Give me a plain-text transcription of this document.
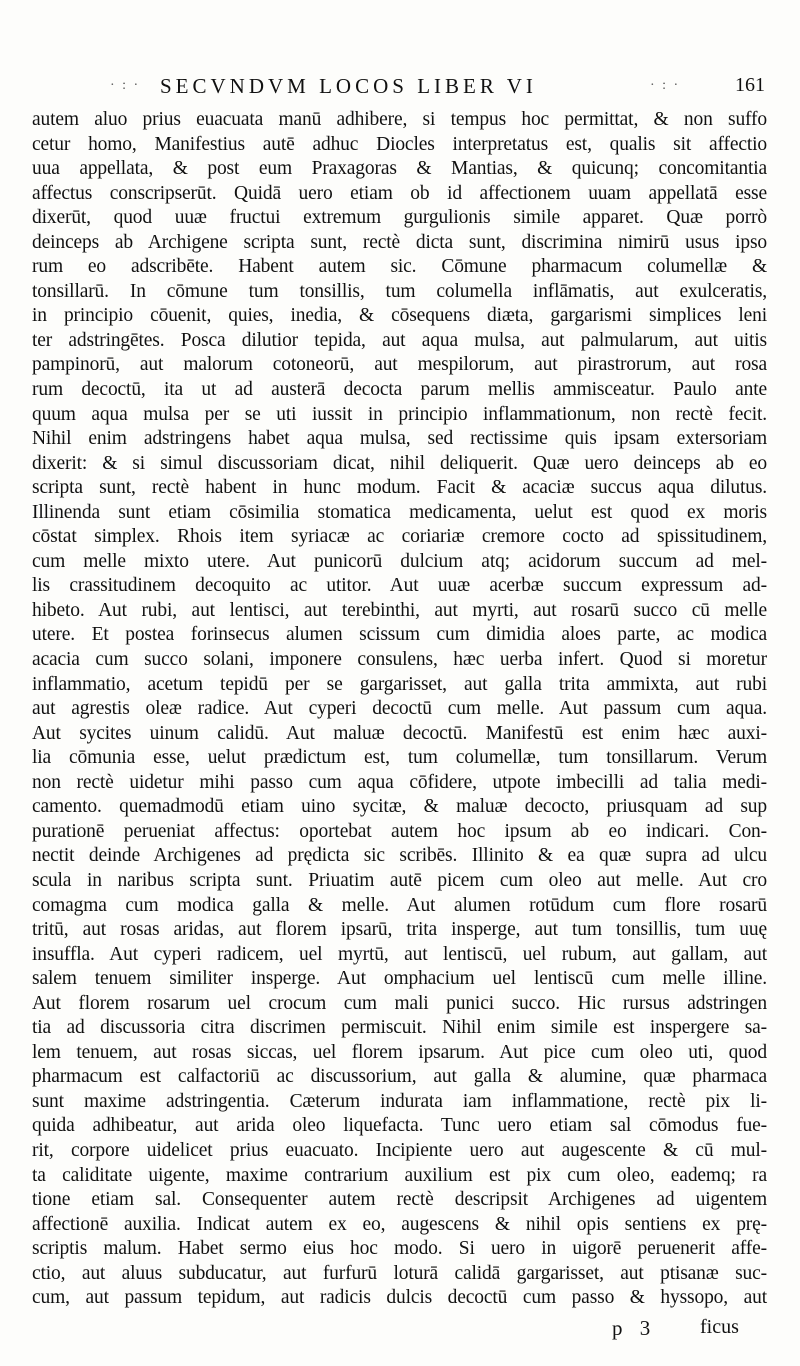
· : · SECVNDVM LOCOS LIBER VI	· : ·	161
autem aluo prius euacuata manū adhibere, si tempus hoc permittat, & non suffo
cetur homo, Manifestius autē adhuc Diocles interpretatus est, qualis sit affectio
uua appellata, & post eum Praxagoras & Mantias, & quicunq; concomitantia
affectus conscripserūt. Quidā uero etiam ob id affectionem uuam appellatā esse
dixerūt, quod uuæ fructui extremum gurgulionis simile apparet. Quæ porrò
deinceps ab Archigene scripta sunt, rectè dicta sunt, discrimina nimirū usus ipso
rum eo adscribēte. Habent autem sic. Cōmune pharmacum columellæ &
tonsillarū. In cōmune tum tonsillis, tum columella inflāmatis, aut exulceratis,
in principio cōuenit, quies, inedia, & cōsequens diæta, gargarismi simplices leni
ter adstringētes. Posca dilutior tepida, aut aqua mulsa, aut palmularum, aut uitis
pampinorū, aut malorum cotoneorū, aut mespilorum, aut pirastrorum, aut rosa
rum decoctū, ita ut ad austerā decocta parum mellis ammisceatur. Paulo ante
quum aqua mulsa per se uti iussit in principio inflammationum, non rectè fecit.
Nihil enim adstringens habet aqua mulsa, sed rectissime quis ipsam extersoriam
dixerit: & si simul discussoriam dicat, nihil deliquerit. Quæ uero deinceps ab eo
scripta sunt, rectè habent in hunc modum. Facit & acaciæ succus aqua dilutus.
Illinenda sunt etiam cōsimilia stomatica medicamenta, uelut est quod ex moris
cōstat simplex. Rhois item syriacæ ac coriariæ cremore cocto ad spissitudinem,
cum melle mixto utere. Aut punicorū dulcium atq; acidorum succum ad mel-
lis crassitudinem decoquito ac utitor. Aut uuæ acerbæ succum expressum ad-
hibeto. Aut rubi, aut lentisci, aut terebinthi, aut myrti, aut rosarū succo cū melle
utere. Et postea forinsecus alumen scissum cum dimidia aloes parte, ac modica
acacia cum succo solani, imponere consulens, hæc uerba infert. Quod si moretur
inflammatio, acetum tepidū per se gargarisset, aut galla trita ammixta, aut rubi
aut agrestis oleæ radice. Aut cyperi decoctū cum melle. Aut passum cum aqua.
Aut sycites uinum calidū. Aut maluæ decoctū. Manifestū est enim hæc auxi-
lia cōmunia esse, uelut prædictum est, tum columellæ, tum tonsillarum. Verum
non rectè uidetur mihi passo cum aqua cōfidere, utpote imbecilli ad talia medi-
camento. quemadmodū etiam uino sycitæ, & maluæ decocto, priusquam ad sup
purationē perueniat affectus: oportebat autem hoc ipsum ab eo indicari. Con-
nectit deinde Archigenes ad prędicta sic scribēs. Illinito & ea quæ supra ad ulcu
scula in naribus scripta sunt. Priuatim autē picem cum oleo aut melle. Aut cro
comagma cum modica galla & melle. Aut alumen rotūdum cum flore rosarū
tritū, aut rosas aridas, aut florem ipsarū, trita insperge, aut tum tonsillis, tum uuę
insuffla. Aut cyperi radicem, uel myrtū, aut lentiscū, uel rubum, aut gallam, aut
salem tenuem similiter insperge. Aut omphacium uel lentiscū cum melle illine.
Aut florem rosarum uel crocum cum mali punici succo. Hic rursus adstringen
tia ad discussoria citra discrimen permiscuit. Nihil enim simile est inspergere sa-
lem tenuem, aut rosas siccas, uel florem ipsarum. Aut pice cum oleo uti, quod
pharmacum est calfactoriū ac discussorium, aut galla & alumine, quæ pharmaca
sunt maxime adstringentia. Cæterum indurata iam inflammatione, rectè pix li-
quida adhibeatur, aut arida oleo liquefacta. Tunc uero etiam sal cōmodus fue-
rit, corpore uidelicet prius euacuato. Incipiente uero aut augescente & cū mul-
ta caliditate uigente, maxime contrarium auxilium est pix cum oleo, eademq; ra
tione etiam sal. Consequenter autem rectè descripsit Archigenes ad uigentem
affectionē auxilia. Indicat autem ex eo, augescens & nihil opis sentiens ex prę-
scriptis malum. Habet sermo eius hoc modo. Si uero in uigorē peruenerit affe-
ctio, aut aluus subducatur, aut furfurū loturā calidā gargarisset, aut ptisanæ suc-
cum, aut passum tepidum, aut radicis dulcis decoctū cum passo & hyssopo, aut
p 3 ficus
